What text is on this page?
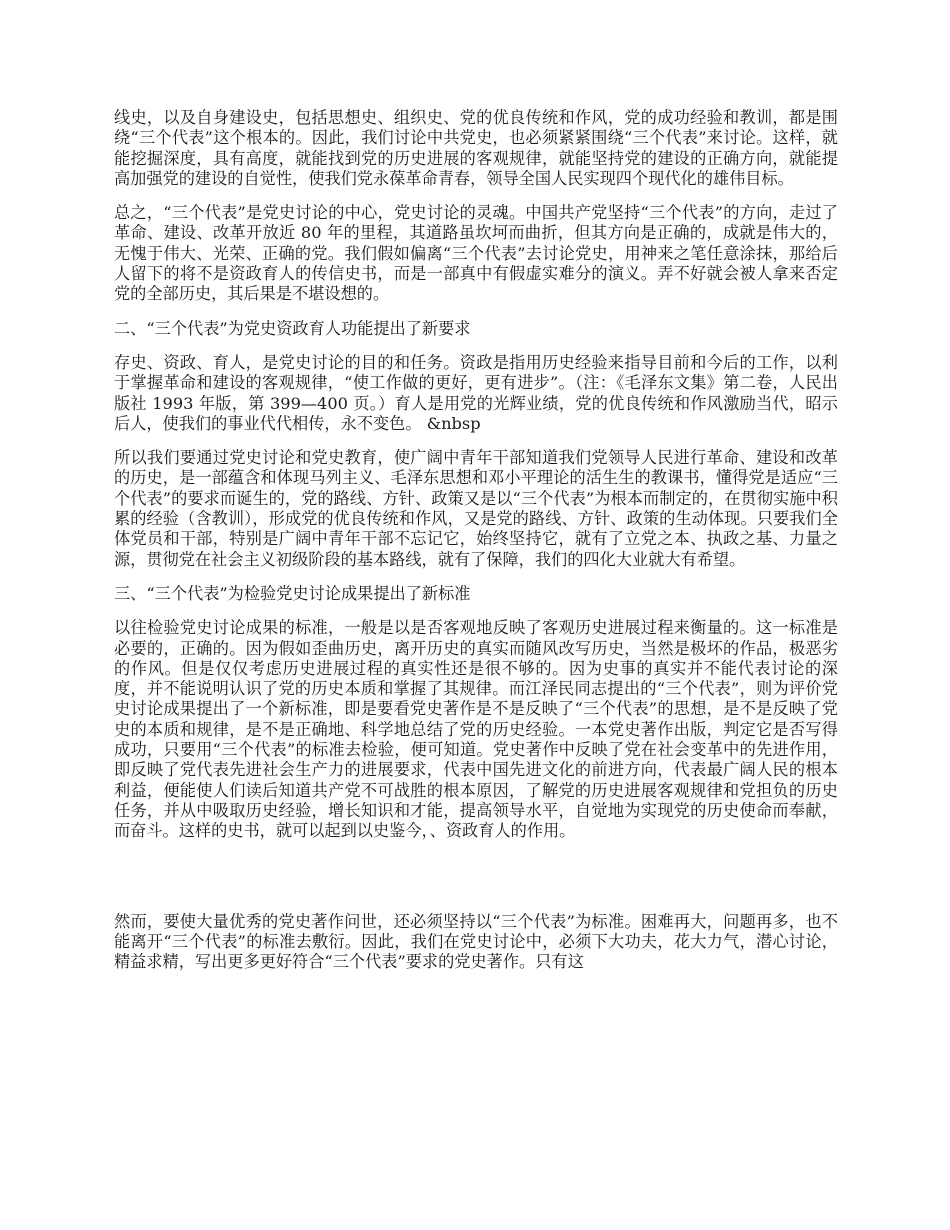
线史，以及自身建设史，包括思想史、组织史、党的优良传统和作风，党的成功经验和教训，都是围绕“三个代表”这个根本的。因此，我们讨论中共党史，也必须紧紧围绕“三个代表”来讨论。这样，就能挖掘深度，具有高度，就能找到党的历史进展的客观规律，就能坚持党的建设的正确方向，就能提高加强党的建设的自觉性，使我们党永葆革命青春，领导全国人民实现四个现代化的雄伟目标。

总之，“三个代表”是党史讨论的中心，党史讨论的灵魂。中国共产党坚持“三个代表”的方向，走过了革命、建设、改革开放近 80 年的里程，其道路虽坎坷而曲折，但其方向是正确的，成就是伟大的，无愧于伟大、光荣、正确的党。我们假如偏离“三个代表”去讨论党史，用神来之笔任意涂抹，那给后人留下的将不是资政育人的传信史书，而是一部真中有假虚实难分的演义。弄不好就会被人拿来否定党的全部历史，其后果是不堪设想的。

二、“三个代表”为党史资政育人功能提出了新要求

存史、资政、育人，是党史讨论的目的和任务。资政是指用历史经验来指导目前和今后的工作，以利于掌握革命和建设的客观规律，“使工作做的更好，更有进步”。（注：《毛泽东文集》第二卷，人民出版社 1993 年版，第 399—400 页。）育人是用党的光辉业绩，党的优良传统和作风激励当代，昭示后人，使我们的事业代代相传，永不变色。 &nbsp

所以我们要通过党史讨论和党史教育，使广阔中青年干部知道我们党领导人民进行革命、建设和改革的历史，是一部蕴含和体现马列主义、毛泽东思想和邓小平理论的活生生的教课书，懂得党是适应“三个代表”的要求而诞生的，党的路线、方针、政策又是以“三个代表”为根本而制定的，在贯彻实施中积累的经验（含教训），形成党的优良传统和作风，又是党的路线、方针、政策的生动体现。只要我们全体党员和干部，特别是广阔中青年干部不忘记它，始终坚持它，就有了立党之本、执政之基、力量之源，贯彻党在社会主义初级阶段的基本路线，就有了保障，我们的四化大业就大有希望。

三、“三个代表”为检验党史讨论成果提出了新标准

以往检验党史讨论成果的标准，一般是以是否客观地反映了客观历史进展过程来衡量的。这一标准是必要的，正确的。因为假如歪曲历史，离开历史的真实而随风改写历史，当然是极坏的作品，极恶劣的作风。但是仅仅考虑历史进展过程的真实性还是很不够的。因为史事的真实并不能代表讨论的深度，并不能说明认识了党的历史本质和掌握了其规律。而江泽民同志提出的“三个代表”，则为评价党史讨论成果提出了一个新标准，即是要看党史著作是不是反映了“三个代表”的思想，是不是反映了党史的本质和规律，是不是正确地、科学地总结了党的历史经验。一本党史著作出版，判定它是否写得成功，只要用“三个代表”的标准去检验，便可知道。党史著作中反映了党在社会变革中的先进作用，即反映了党代表先进社会生产力的进展要求，代表中国先进文化的前进方向，代表最广阔人民的根本利益，便能使人们读后知道共产党不可战胜的根本原因，了解党的历史进展客观规律和党担负的历史任务，并从中吸取历史经验，增长知识和才能，提高领导水平，自觉地为实现党的历史使命而奉献，而奋斗。这样的史书，就可以起到以史鉴今，、资政育人的作用。

然而，要使大量优秀的党史著作问世，还必须坚持以“三个代表”为标准。困难再大，问题再多，也不能离开“三个代表”的标准去敷衍。因此，我们在党史讨论中，必须下大功夫，花大力气，潜心讨论，精益求精，写出更多更好符合“三个代表”要求的党史著作。只有这
